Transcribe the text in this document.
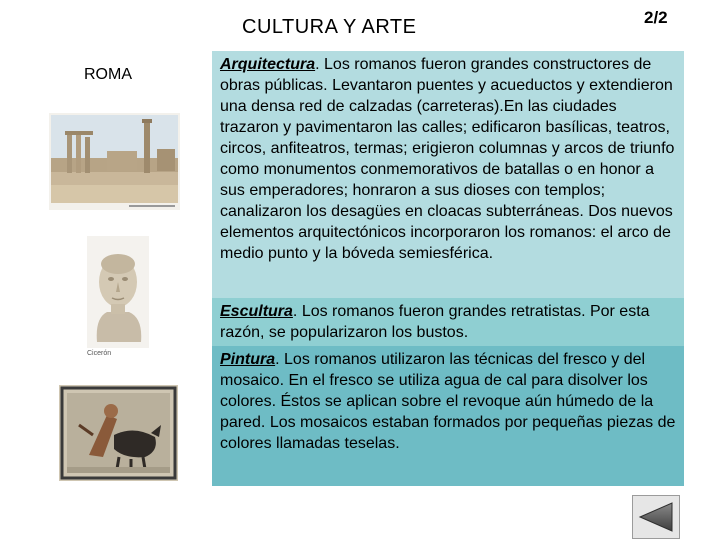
CULTURA Y ARTE	2/2
ROMA
Cicerón
Arquitectura. Los romanos fueron grandes constructores de obras públicas. Levantaron puentes y acueductos y extendieron una densa red de calzadas (carreteras).En las ciudades trazaron y pavimentaron las calles; edificaron basílicas, teatros, circos, anfiteatros, termas; erigieron columnas y arcos de triunfo como monumentos conmemorativos de batallas o en honor a sus emperadores; honraron a sus dioses con templos; canalizaron los desagües en cloacas subterráneas. Dos nuevos elementos arquitectónicos incorporaron los romanos: el arco de medio punto y la bóveda semiesférica.
Escultura. Los romanos fueron grandes retratistas. Por esta razón, se popularizaron los bustos.
Pintura. Los romanos utilizaron las técnicas del fresco y del mosaico. En el fresco se utiliza agua de cal para disolver los colores. Éstos se aplican sobre el revoque aún húmedo de la pared. Los mosaicos estaban formados por pequeñas piezas de colores llamadas teselas.
